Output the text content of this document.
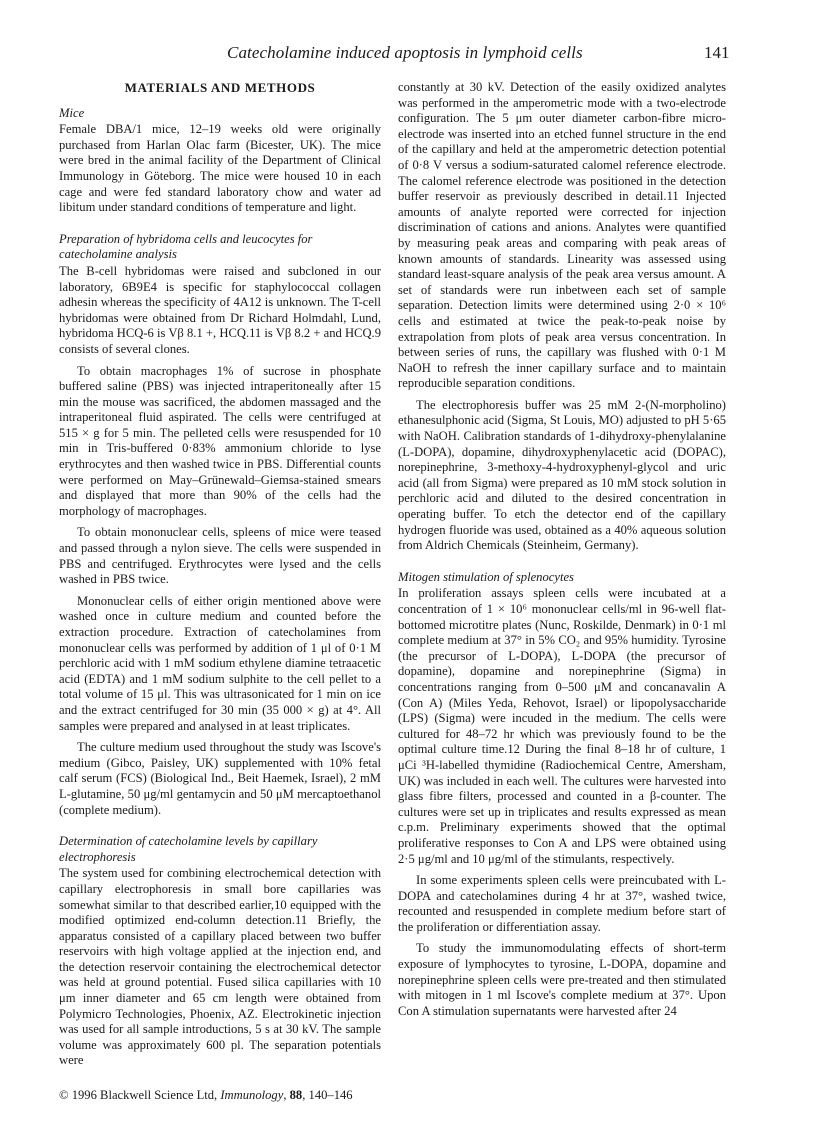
Catecholamine induced apoptosis in lymphoid cells	141
MATERIALS AND METHODS
Mice

Female DBA/1 mice, 12–19 weeks old were originally purchased from Harlan Olac farm (Bicester, UK). The mice were bred in the animal facility of the Department of Clinical Immunology in Göteborg. The mice were housed 10 in each cage and were fed standard laboratory chow and water ad libitum under standard conditions of temperature and light.

Preparation of hybridoma cells and leucocytes for catecholamine analysis

The B-cell hybridomas were raised and subcloned in our laboratory, 6B9E4 is specific for staphylococcal collagen adhesin whereas the specificity of 4A12 is unknown. The T-cell hybridomas were obtained from Dr Richard Holmdahl, Lund, hybridoma HCQ-6 is Vβ 8.1 +, HCQ.11 is Vβ 8.2 + and HCQ.9 consists of several clones.

To obtain macrophages 1% of sucrose in phosphate buffered saline (PBS) was injected intraperitoneally after 15 min the mouse was sacrificed, the abdomen massaged and the intraperitoneal fluid aspirated. The cells were centrifuged at 515 × g for 5 min. The pelleted cells were resuspended for 10 min in Tris-buffered 0·83% ammonium chloride to lyse erythrocytes and then washed twice in PBS. Differential counts were performed on May–Grünewald–Giemsa-stained smears and displayed that more than 90% of the cells had the morphology of macrophages.

To obtain mononuclear cells, spleens of mice were teased and passed through a nylon sieve. The cells were suspended in PBS and centrifuged. Erythrocytes were lysed and the cells washed in PBS twice.

Mononuclear cells of either origin mentioned above were washed once in culture medium and counted before the extraction procedure. Extraction of catecholamines from mononuclear cells was performed by addition of 1 μl of 0·1 M perchloric acid with 1 mM sodium ethylene diamine tetraacetic acid (EDTA) and 1 mM sodium sulphite to the cell pellet to a total volume of 15 μl. This was ultrasonicated for 1 min on ice and the extract centrifuged for 30 min (35 000 × g) at 4°. All samples were prepared and analysed in at least triplicates.

The culture medium used throughout the study was Iscove's medium (Gibco, Paisley, UK) supplemented with 10% fetal calf serum (FCS) (Biological Ind., Beit Haemek, Israel), 2 mM L-glutamine, 50 μg/ml gentamycin and 50 μM mercaptoethanol (complete medium).

Determination of catecholamine levels by capillary electrophoresis

The system used for combining electrochemical detection with capillary electrophoresis in small bore capillaries was somewhat similar to that described earlier,10 equipped with the modified optimized end-column detection.11 Briefly, the apparatus consisted of a capillary placed between two buffer reservoirs with high voltage applied at the injection end, and the detection reservoir containing the electrochemical detector was held at ground potential. Fused silica capillaries with 10 μm inner diameter and 65 cm length were obtained from Polymicro Technologies, Phoenix, AZ. Electrokinetic injection was used for all sample introductions, 5 s at 30 kV. The sample volume was approximately 600 pl. The separation potentials were

constantly at 30 kV. Detection of the easily oxidized analytes was performed in the amperometric mode with a two-electrode configuration. The 5 μm outer diameter carbon-fibre micro-electrode was inserted into an etched funnel structure in the end of the capillary and held at the amperometric detection potential of 0·8 V versus a sodium-saturated calomel reference electrode. The calomel reference electrode was positioned in the detection buffer reservoir as previously described in detail.11 Injected amounts of analyte reported were corrected for injection discrimination of cations and anions. Analytes were quantified by measuring peak areas and comparing with peak areas of known amounts of standards. Linearity was assessed using standard least-square analysis of the peak area versus amount. A set of standards were run inbetween each set of sample separation. Detection limits were determined using 2·0 × 10⁶ cells and estimated at twice the peak-to-peak noise by extrapolation from plots of peak area versus concentration. In between series of runs, the capillary was flushed with 0·1 M NaOH to refresh the inner capillary surface and to maintain reproducible separation conditions.

The electrophoresis buffer was 25 mM 2-(N-morpholino) ethanesulphonic acid (Sigma, St Louis, MO) adjusted to pH 5·65 with NaOH. Calibration standards of 1-dihydroxy-phenylalanine (L-DOPA), dopamine, dihydroxyphenylacetic acid (DOPAC), norepinephrine, 3-methoxy-4-hydroxyphenyl-glycol and uric acid (all from Sigma) were prepared as 10 mM stock solution in perchloric acid and diluted to the desired concentration in operating buffer. To etch the detector end of the capillary hydrogen fluoride was used, obtained as a 40% aqueous solution from Aldrich Chemicals (Steinheim, Germany).

Mitogen stimulation of splenocytes

In proliferation assays spleen cells were incubated at a concentration of 1 × 10⁶ mononuclear cells/ml in 96-well flat-bottomed microtitre plates (Nunc, Roskilde, Denmark) in 0·1 ml complete medium at 37° in 5% CO₂ and 95% humidity. Tyrosine (the precursor of L-DOPA), L-DOPA (the precursor of dopamine), dopamine and norepinephrine (Sigma) in concentrations ranging from 0–500 μM and concanavalin A (Con A) (Miles Yeda, Rehovot, Israel) or lipopolysaccharide (LPS) (Sigma) were incuded in the medium. The cells were cultured for 48–72 hr which was previously found to be the optimal culture time.12 During the final 8–18 hr of culture, 1 μCi ³H-labelled thymidine (Radiochemical Centre, Amersham, UK) was included in each well. The cultures were harvested into glass fibre filters, processed and counted in a β-counter. The cultures were set up in triplicates and results expressed as mean c.p.m. Preliminary experiments showed that the optimal proliferative responses to Con A and LPS were obtained using 2·5 μg/ml and 10 μg/ml of the stimulants, respectively.

In some experiments spleen cells were preincubated with L-DOPA and catecholamines during 4 hr at 37°, washed twice, recounted and resuspended in complete medium before start of the proliferation or differentiation assay.

To study the immunomodulating effects of short-term exposure of lymphocytes to tyrosine, L-DOPA, dopamine and norepinephrine spleen cells were pre-treated and then stimulated with mitogen in 1 ml Iscove's complete medium at 37°. Upon Con A stimulation supernatants were harvested after 24

© 1996 Blackwell Science Ltd, Immunology, 88, 140–146
